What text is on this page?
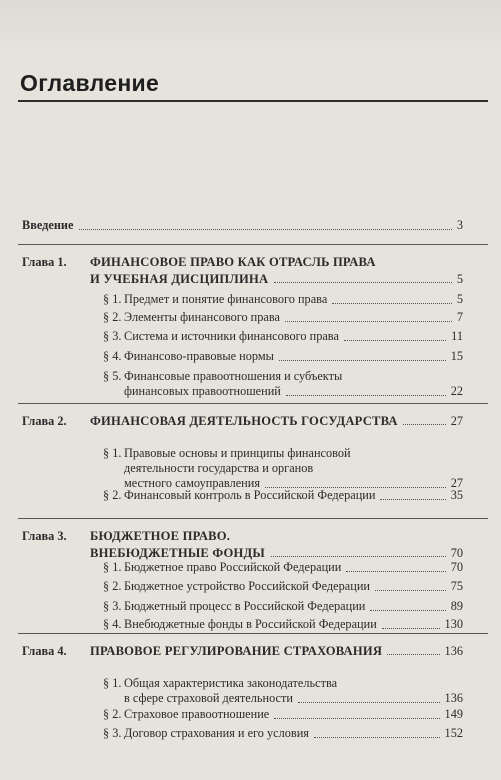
Оглавление
Введение	3
Глава 1. ФИНАНСОВОЕ ПРАВО КАК ОТРАСЛЬ ПРАВА
И УЧЕБНАЯ ДИСЦИПЛИНА	5
§ 1. Предмет и понятие финансового права	5
§ 2. Элементы финансового права	7
§ 3. Система и источники финансового права	11
§ 4. Финансово-правовые нормы	15
§ 5. Финансовые правоотношения и субъекты
финансовых правоотношений	22
Глава 2. ФИНАНСОВАЯ ДЕЯТЕЛЬНОСТЬ ГОСУДАРСТВА	27
§ 1. Правовые основы и принципы финансовой
деятельности государства и органов
местного самоуправления	27
§ 2. Финансовый контроль в Российской Федерации	35
Глава 3. БЮДЖЕТНОЕ ПРАВО.
ВНЕБЮДЖЕТНЫЕ ФОНДЫ	70
§ 1. Бюджетное право Российской Федерации	70
§ 2. Бюджетное устройство Российской Федерации	75
§ 3. Бюджетный процесс в Российской Федерации	89
§ 4. Внебюджетные фонды в Российской Федерации	130
Глава 4. ПРАВОВОЕ РЕГУЛИРОВАНИЕ СТРАХОВАНИЯ	136
§ 1. Общая характеристика законодательства
в сфере страховой деятельности	136
§ 2. Страховое правоотношение	149
§ 3. Договор страхования и его условия	152
